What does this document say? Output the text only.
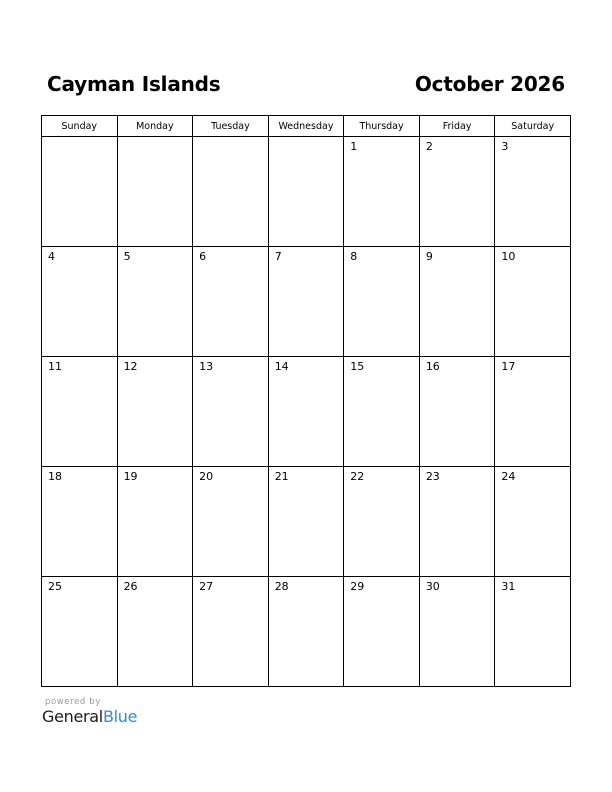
Cayman Islands	October 2026
Sunday	Monday	Tuesday	Wednesday	Thursday	Friday	Saturday

				1	2	3

4	5	6	7	8	9	10

11	12	13	14	15	16	17

18	19	20	21	22	23	24

25	26	27	28	29	30	31
powered by
GeneralBlue
